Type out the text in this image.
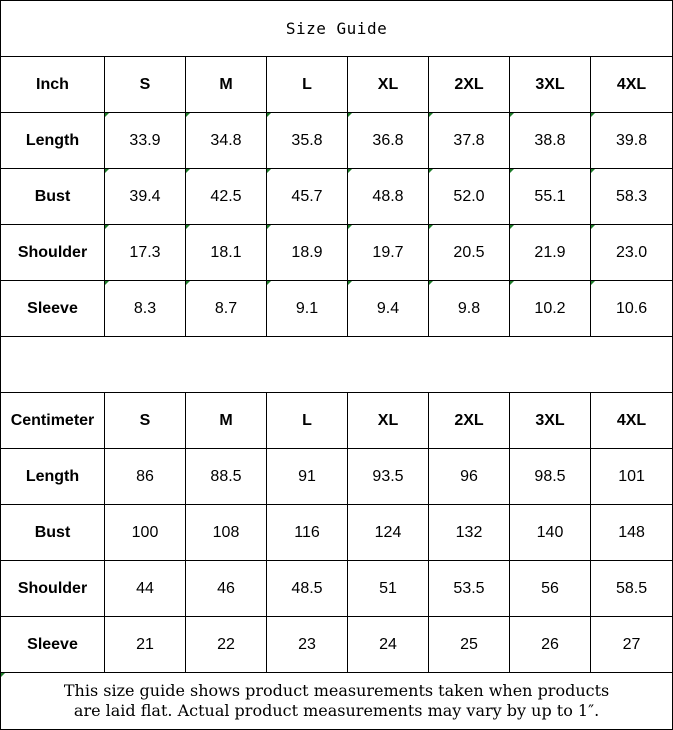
Size Guide							
Inch	S	M	L	XL	2XL	3XL	4XL
Length	33.9	34.8	35.8	36.8	37.8	38.8	39.8
Bust	39.4	42.5	45.7	48.8	52.0	55.1	58.3
Shoulder	17.3	18.1	18.9	19.7	20.5	21.9	23.0
Sleeve	8.3	8.7	9.1	9.4	9.8	10.2	10.6

Centimeter	S	M	L	XL	2XL	3XL	4XL
Length	86	88.5	91	93.5	96	98.5	101
Bust	100	108	116	124	132	140	148
Shoulder	44	46	48.5	51	53.5	56	58.5
Sleeve	21	22	23	24	25	26	27

This size guide shows product measurements taken when products
are laid flat. Actual product measurements may vary by up to 1″.							
